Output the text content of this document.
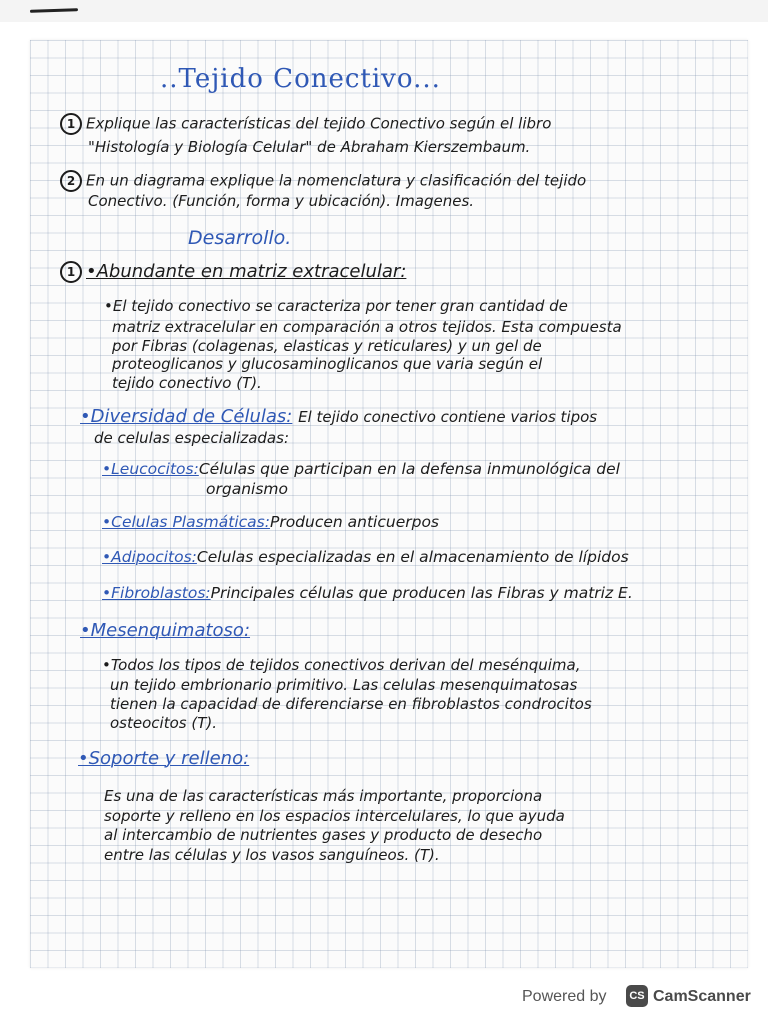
..Tejido Conectivo...
1 Explique las características del tejido Conectivo según el libro
"Histología y Biología Celular" de Abraham Kierszembaum.
2 En un diagrama explique la nomenclatura y clasificación del tejido
Conectivo. (Función, forma y ubicación). Imagenes.
Desarrollo.
1 •Abundante en matriz extracelular:
•El tejido conectivo se caracteriza por tener gran cantidad de
matriz extracelular en comparación a otros tejidos. Esta compuesta
por Fibras (colagenas, elasticas y reticulares) y un gel de
proteoglicanos y glucosaminoglicanos que varia según el
tejido conectivo (T).
•Diversidad de Células: El tejido conectivo contiene varios tipos
de celulas especializadas:
•Leucocitos:Células que participan en la defensa inmunológica del
organismo
•Celulas Plasmáticas:Producen anticuerpos
•Adipocitos:Celulas especializadas en el almacenamiento de lípidos
•Fibroblastos:Principales células que producen las Fibras y matriz E.
•Mesenquimatoso:
•Todos los tipos de tejidos conectivos derivan del mesénquima,
un tejido embrionario primitivo. Las celulas mesenquimatosas
tienen la capacidad de diferenciarse en fibroblastos condrocitos
osteocitos (T).
•Soporte y relleno:
Es una de las características más importante, proporciona
soporte y relleno en los espacios intercelulares, lo que ayuda
al intercambio de nutrientes gases y producto de desecho
entre las células y los vasos sanguíneos. (T).
Powered by	CS CamScanner
